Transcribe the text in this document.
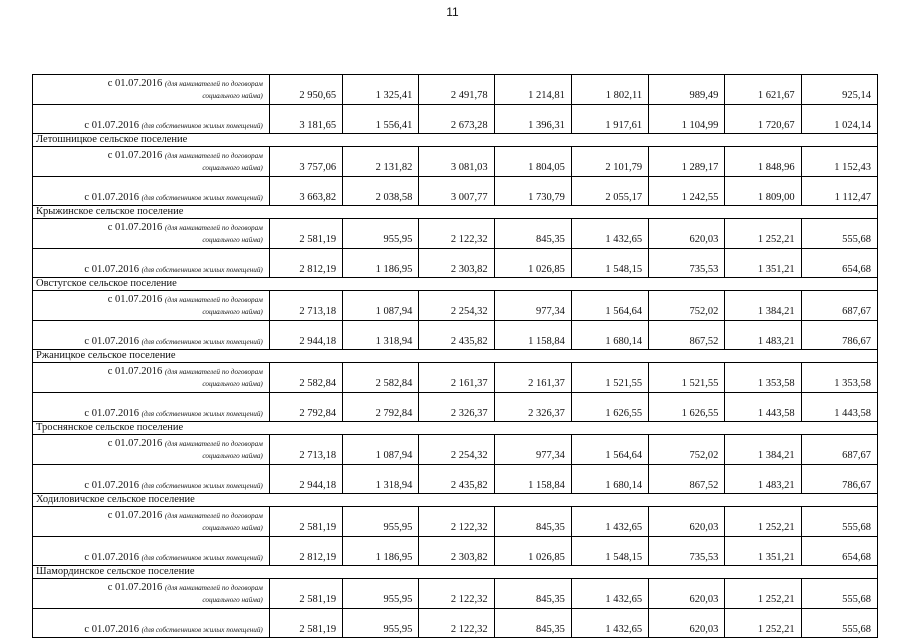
11
с 01.07.2016 (для нанимателей по договорам
социального найма)	2 950,65	1 325,41	2 491,78	1 214,81	1 802,11	989,49	1 621,67	925,14
с 01.07.2016 (для собственников жилых помещений)	3 181,65	1 556,41	2 673,28	1 396,31	1 917,61	1 104,99	1 720,67	1 024,14
Летошницкое сельское поселение								
с 01.07.2016 (для нанимателей по договорам
социального найма)	3 757,06	2 131,82	3 081,03	1 804,05	2 101,79	1 289,17	1 848,96	1 152,43
с 01.07.2016 (для собственников жилых помещений)	3 663,82	2 038,58	3 007,77	1 730,79	2 055,17	1 242,55	1 809,00	1 112,47
Крыжинское сельское поселение								
с 01.07.2016 (для нанимателей по договорам
социального найма)	2 581,19	955,95	2 122,32	845,35	1 432,65	620,03	1 252,21	555,68
с 01.07.2016 (для собственников жилых помещений)	2 812,19	1 186,95	2 303,82	1 026,85	1 548,15	735,53	1 351,21	654,68
Овстугское сельское поселение								
с 01.07.2016 (для нанимателей по договорам
социального найма)	2 713,18	1 087,94	2 254,32	977,34	1 564,64	752,02	1 384,21	687,67
с 01.07.2016 (для собственников жилых помещений)	2 944,18	1 318,94	2 435,82	1 158,84	1 680,14	867,52	1 483,21	786,67
Ржаницкое сельское поселение								
с 01.07.2016 (для нанимателей по договорам
социального найма)	2 582,84	2 582,84	2 161,37	2 161,37	1 521,55	1 521,55	1 353,58	1 353,58
с 01.07.2016 (для собственников жилых помещений)	2 792,84	2 792,84	2 326,37	2 326,37	1 626,55	1 626,55	1 443,58	1 443,58
Троснянское сельское поселение								
с 01.07.2016 (для нанимателей по договорам
социального найма)	2 713,18	1 087,94	2 254,32	977,34	1 564,64	752,02	1 384,21	687,67
с 01.07.2016 (для собственников жилых помещений)	2 944,18	1 318,94	2 435,82	1 158,84	1 680,14	867,52	1 483,21	786,67
Ходиловичское сельское поселение								
с 01.07.2016 (для нанимателей по договорам
социального найма)	2 581,19	955,95	2 122,32	845,35	1 432,65	620,03	1 252,21	555,68
с 01.07.2016 (для собственников жилых помещений)	2 812,19	1 186,95	2 303,82	1 026,85	1 548,15	735,53	1 351,21	654,68
Шамординское сельское поселение								
с 01.07.2016 (для нанимателей по договорам
социального найма)	2 581,19	955,95	2 122,32	845,35	1 432,65	620,03	1 252,21	555,68
с 01.07.2016 (для собственников жилых помещений)	2 581,19	955,95	2 122,32	845,35	1 432,65	620,03	1 252,21	555,68
